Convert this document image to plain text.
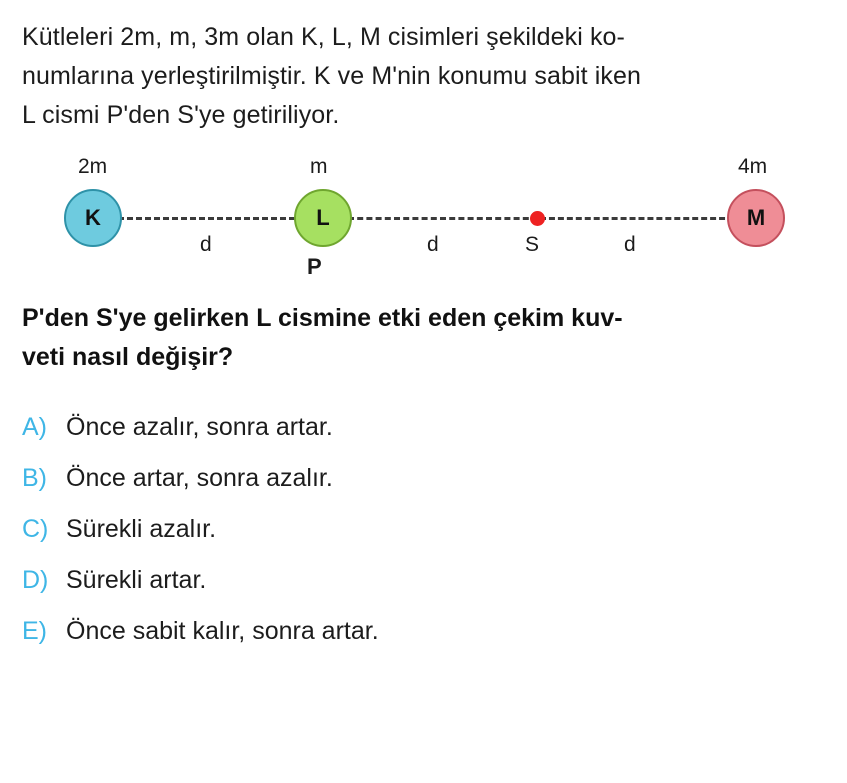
Kütleleri 2m, m, 3m olan K, L, M cisimleri şekildeki ko-

numlarına yerleştirilmiştir. K ve M'nin konumu sabit iken

L cismi P'den S'ye getiriliyor.

K	L	M
2m	m	4m
d	d	d
S
P

P'den S'ye gelirken L cismine etki eden çekim kuv-

veti nasıl değişir?

A) Önce azalır, sonra artar.
B) Önce artar, sonra azalır.
C) Sürekli azalır.
D) Sürekli artar.
E) Önce sabit kalır, sonra artar.
